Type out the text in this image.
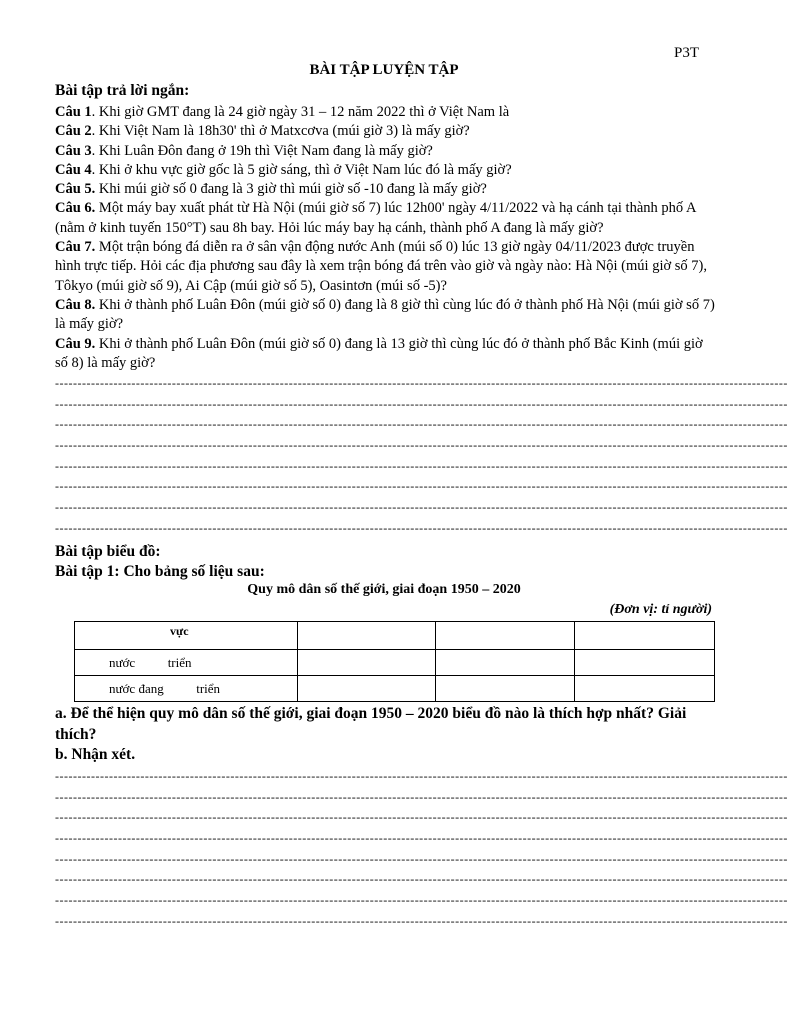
P3T
BÀI TẬP LUYỆN TẬP
Bài tập trả lời ngắn:

Câu 1. Khi giờ GMT đang là 24 giờ ngày 31 – 12 năm 2022 thì ở Việt Nam là

Câu 2. Khi Việt Nam là 18h30' thì ở Matxcơva (múi giờ 3) là mấy giờ?

Câu 3. Khi Luân Đôn đang ở 19h thì Việt Nam đang là mấy giờ?

Câu 4. Khi ở khu vực giờ gốc là 5 giờ sáng, thì ở Việt Nam lúc đó là mấy giờ?

Câu 5. Khi múi giờ số 0 đang là 3 giờ thì múi giờ số -10 đang là mấy giờ?

Câu 6. Một máy bay xuất phát từ Hà Nội (múi giờ số 7) lúc 12h00' ngày 4/11/2022 và hạ cánh tại thành phố A (nằm ở kinh tuyến 150°T) sau 8h bay. Hỏi lúc máy bay hạ cánh, thành phố A đang là mấy giờ?

Câu 7. Một trận bóng đá diễn ra ở sân vận động nước Anh (múi số 0) lúc 13 giờ ngày 04/11/2023 được truyền hình trực tiếp. Hỏi các địa phương sau đây là xem trận bóng đá trên vào giờ và ngày nào: Hà Nội (múi giờ số 7), Tôkyo (múi giờ số 9), Ai Cập (múi giờ số 5), Oasintơn (múi số -5)?

Câu 8. Khi ở thành phố Luân Đôn (múi giờ số 0) đang là 8 giờ thì cùng lúc đó ở thành phố Hà Nội (múi giờ số 7) là mấy giờ?

Câu 9. Khi ở thành phố Luân Đôn (múi giờ số 0) đang là 13 giờ thì cùng lúc đó ở thành phố Bắc Kinh (múi giờ số 8) là mấy giờ?

-------------------------------------------------------------------------------------------------------------------------------------------------------------------
-------------------------------------------------------------------------------------------------------------------------------------------------------------------
-------------------------------------------------------------------------------------------------------------------------------------------------------------------
-------------------------------------------------------------------------------------------------------------------------------------------------------------------
-------------------------------------------------------------------------------------------------------------------------------------------------------------------
-------------------------------------------------------------------------------------------------------------------------------------------------------------------
-------------------------------------------------------------------------------------------------------------------------------------------------------------------
-------------------------------------------------------------------------------------------------------------------------------------------------------------------
Bài tập biểu đồ:
Bài tập 1: Cho bảng số liệu sau:
Quy mô dân số thế giới, giai đoạn 1950 – 2020
(Đơn vị: tỉ người)
vực			
nước          triển			
nước đang          triển			
a. Để thể hiện quy mô dân số thế giới, giai đoạn 1950 – 2020 biểu đồ nào là thích hợp nhất? Giải thích?
b. Nhận xét.
-------------------------------------------------------------------------------------------------------------------------------------------------------------------
-------------------------------------------------------------------------------------------------------------------------------------------------------------------
-------------------------------------------------------------------------------------------------------------------------------------------------------------------
-------------------------------------------------------------------------------------------------------------------------------------------------------------------
-------------------------------------------------------------------------------------------------------------------------------------------------------------------
-------------------------------------------------------------------------------------------------------------------------------------------------------------------
-------------------------------------------------------------------------------------------------------------------------------------------------------------------
-------------------------------------------------------------------------------------------------------------------------------------------------------------------
